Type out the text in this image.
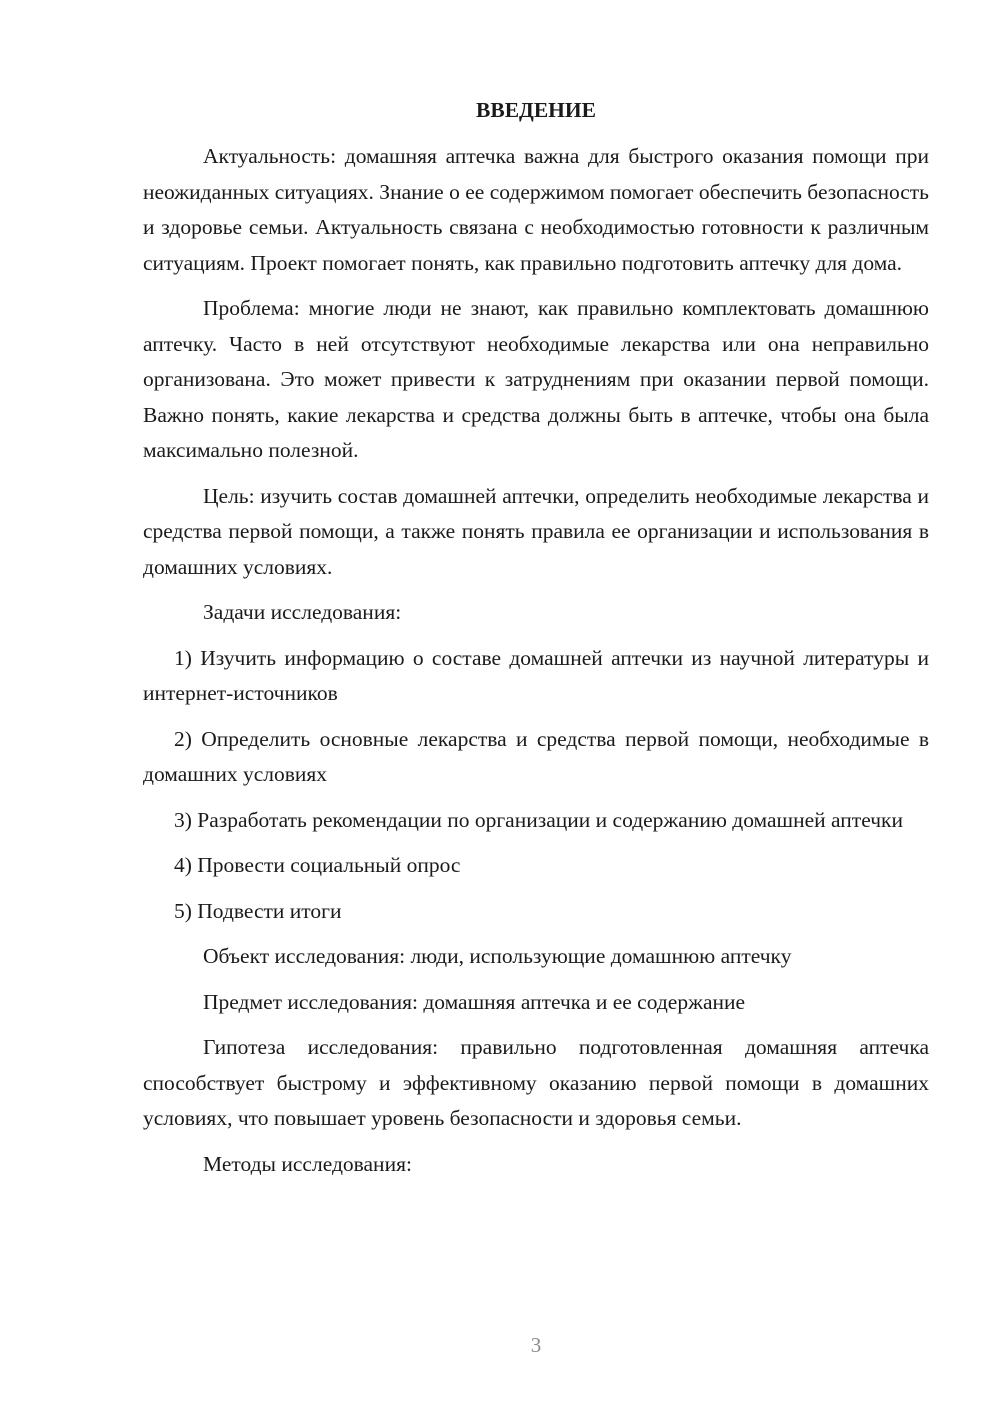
ВВЕДЕНИЕ

Актуальность: домашняя аптечка важна для быстрого оказания помощи при неожиданных ситуациях. Знание о ее содержимом помогает обеспечить безопасность и здоровье семьи. Актуальность связана с необходимостью готовности к различным ситуациям. Проект помогает понять, как правильно подготовить аптечку для дома.

Проблема: многие люди не знают, как правильно комплектовать домашнюю аптечку. Часто в ней отсутствуют необходимые лекарства или она неправильно организована. Это может привести к затруднениям при оказании первой помощи. Важно понять, какие лекарства и средства должны быть в аптечке, чтобы она была максимально полезной.

Цель: изучить состав домашней аптечки, определить необходимые лекарства и средства первой помощи, а также понять правила ее организации и использования в домашних условиях.

Задачи исследования:

1) Изучить информацию о составе домашней аптечки из научной литературы и интернет-источников

2) Определить основные лекарства и средства первой помощи, необходимые в домашних условиях

3) Разработать рекомендации по организации и содержанию домашней аптечки

4) Провести социальный опрос

5) Подвести итоги

Объект исследования: люди, использующие домашнюю аптечку

Предмет исследования: домашняя аптечка и ее содержание

Гипотеза исследования: правильно подготовленная домашняя аптечка способствует быстрому и эффективному оказанию первой помощи в домашних условиях, что повышает уровень безопасности и здоровья семьи.

Методы исследования:

3
